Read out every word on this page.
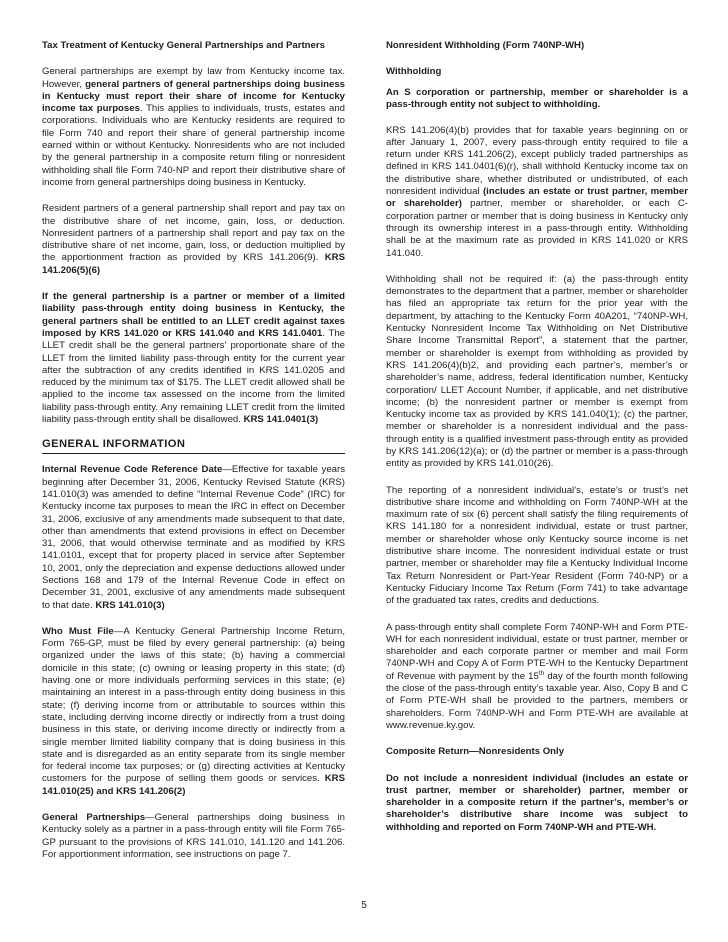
Tax Treatment of Kentucky General Partnerships and Partners

General partnerships are exempt by law from Kentucky income tax. However, general partners of general partnerships doing business in Kentucky must report their share of income for Kentucky income tax purposes. This applies to individuals, trusts, estates and corporations. Individuals who are Kentucky residents are required to file Form 740 and report their share of general partnership income earned within or without Kentucky. Nonresidents who are not included by the general partnership in a composite return filing or nonresident withholding shall file Form 740-NP and report their distributive share of income from general partnerships doing business in Kentucky.

Resident partners of a general partnership shall report and pay tax on the distributive share of net income, gain, loss, or deduction. Nonresident partners of a partnership shall report and pay tax on the distributive share of net income, gain, loss, or deduction multiplied by the apportionment fraction as provided by KRS 141.206(9). KRS 141.206(5)(6)

If the general partnership is a partner or member of a limited liability pass-through entity doing business in Kentucky, the general partners shall be entitled to an LLET credit against taxes imposed by KRS 141.020 or KRS 141.040 and KRS 141.0401. The LLET credit shall be the general partners’ proportionate share of the LLET from the limited liability pass-through entity for the current year after the subtraction of any credits identified in KRS 141.0205 and reduced by the minimum tax of $175. The LLET credit allowed shall be applied to the income tax assessed on the income from the limited liability pass-through entity. Any remaining LLET credit from the limited liability pass-through entity shall be disallowed. KRS 141.0401(3)

GENERAL INFORMATION

Internal Revenue Code Reference Date—Effective for taxable years beginning after December 31, 2006, Kentucky Revised Statute (KRS) 141.010(3) was amended to define “Internal Revenue Code” (IRC) for Kentucky income tax purposes to mean the IRC in effect on December 31, 2006, exclusive of any amendments made subsequent to that date, other than amendments that extend provisions in effect on December 31, 2006, that would otherwise terminate and as modified by KRS 141.0101, except that for property placed in service after September 10, 2001, only the depreciation and expense deductions allowed under Sections 168 and 179 of the Internal Revenue Code in effect on December 31, 2001, exclusive of any amendments made subsequent to that date. KRS 141.010(3)

Who Must File—A Kentucky General Partnership Income Return, Form 765-GP, must be filed by every general partnership: (a) being organized under the laws of this state; (b) having a commercial domicile in this state; (c) owning or leasing property in this state; (d) having one or more individuals performing services in this state; (e) maintaining an interest in a pass-through entity doing business in this state; (f) deriving income from or attributable to sources within this state, including deriving income directly or indirectly from a trust doing business in this state, or deriving income directly or indirectly from a single member limited liability company that is doing business in this state and is disregarded as an entity separate from its single member for federal income tax purposes; or (g) directing activities at Kentucky customers for the purpose of selling them goods or services. KRS 141.010(25) and KRS 141.206(2)

General Partnerships—General partnerships doing business in Kentucky solely as a partner in a pass-through entity will file Form 765-GP pursuant to the provisions of KRS 141.010, 141.120 and 141.206. For apportionment information, see instructions on page 7.

Nonresident Withholding (Form 740NP-WH)

Withholding

An S corporation or partnership, member or shareholder is a pass-through entity not subject to withholding.

KRS 141.206(4)(b) provides that for taxable years beginning on or after January 1, 2007, every pass-through entity required to file a return under KRS 141.206(2), except publicly traded partnerships as defined in KRS 141.0401(6)(r), shall withhold Kentucky income tax on the distributive share, whether distributed or undistributed, of each nonresident individual (includes an estate or trust partner, member or shareholder) partner, member or shareholder, or each C-corporation partner or member that is doing business in Kentucky only through its ownership interest in a pass-through entity. Withholding shall be at the maximum rate as provided in KRS 141.020 or KRS 141.040.

Withholding shall not be required if: (a) the pass-through entity demonstrates to the department that a partner, member or shareholder has filed an appropriate tax return for the prior year with the department, by attaching to the Kentucky Form 40A201, “740NP-WH, Kentucky Nonresident Income Tax Withholding on Net Distributive Share Income Transmittal Report”, a statement that the partner, member or shareholder is exempt from withholding as provided by KRS 141.206(4)(b)2, and providing each partner’s, member’s or shareholder’s name, address, federal identification number, Kentucky corporation/ LLET Account Number, if applicable, and net distributive income; (b) the nonresident partner or member is exempt from Kentucky income tax as provided by KRS 141.040(1); (c) the partner, member or shareholder is a nonresident individual and the pass-through entity is a qualified investment pass-through entity as provided by KRS 141.206(12)(a); or (d) the partner or member is a pass-through entity as provided by KRS 141.010(26).

The reporting of a nonresident individual’s, estate’s or trust’s net distributive share income and withholding on Form 740NP-WH at the maximum rate of six (6) percent shall satisfy the filing requirements of KRS 141.180 for a nonresident individual, estate or trust partner, member or shareholder whose only Kentucky source income is net distributive share income. The nonresident individual estate or trust partner, member or shareholder may file a Kentucky Individual Income Tax Return Nonresident or Part-Year Resident (Form 740-NP) or a Kentucky Fiduciary Income Tax Return (Form 741) to take advantage of the graduated tax rates, credits and deductions.

A pass-through entity shall complete Form 740NP-WH and Form PTE-WH for each nonresident individual, estate or trust partner, member or shareholder and each corporate partner or member and mail Form 740NP-WH and Copy A of Form PTE-WH to the Kentucky Department of Revenue with payment by the 15th day of the fourth month following the close of the pass-through entity’s taxable year. Also, Copy B and C of Form PTE-WH shall be provided to the partners, members or shareholders. Form 740NP-WH and Form PTE-WH are available at www.revenue.ky.gov.

Composite Return—Nonresidents Only

Do not include a nonresident individual (includes an estate or trust partner, member or shareholder) partner, member or shareholder in a composite return if the partner’s, member’s or shareholder’s distributive share income was subject to withholding and reported on Form 740NP-WH and PTE-WH.

5
